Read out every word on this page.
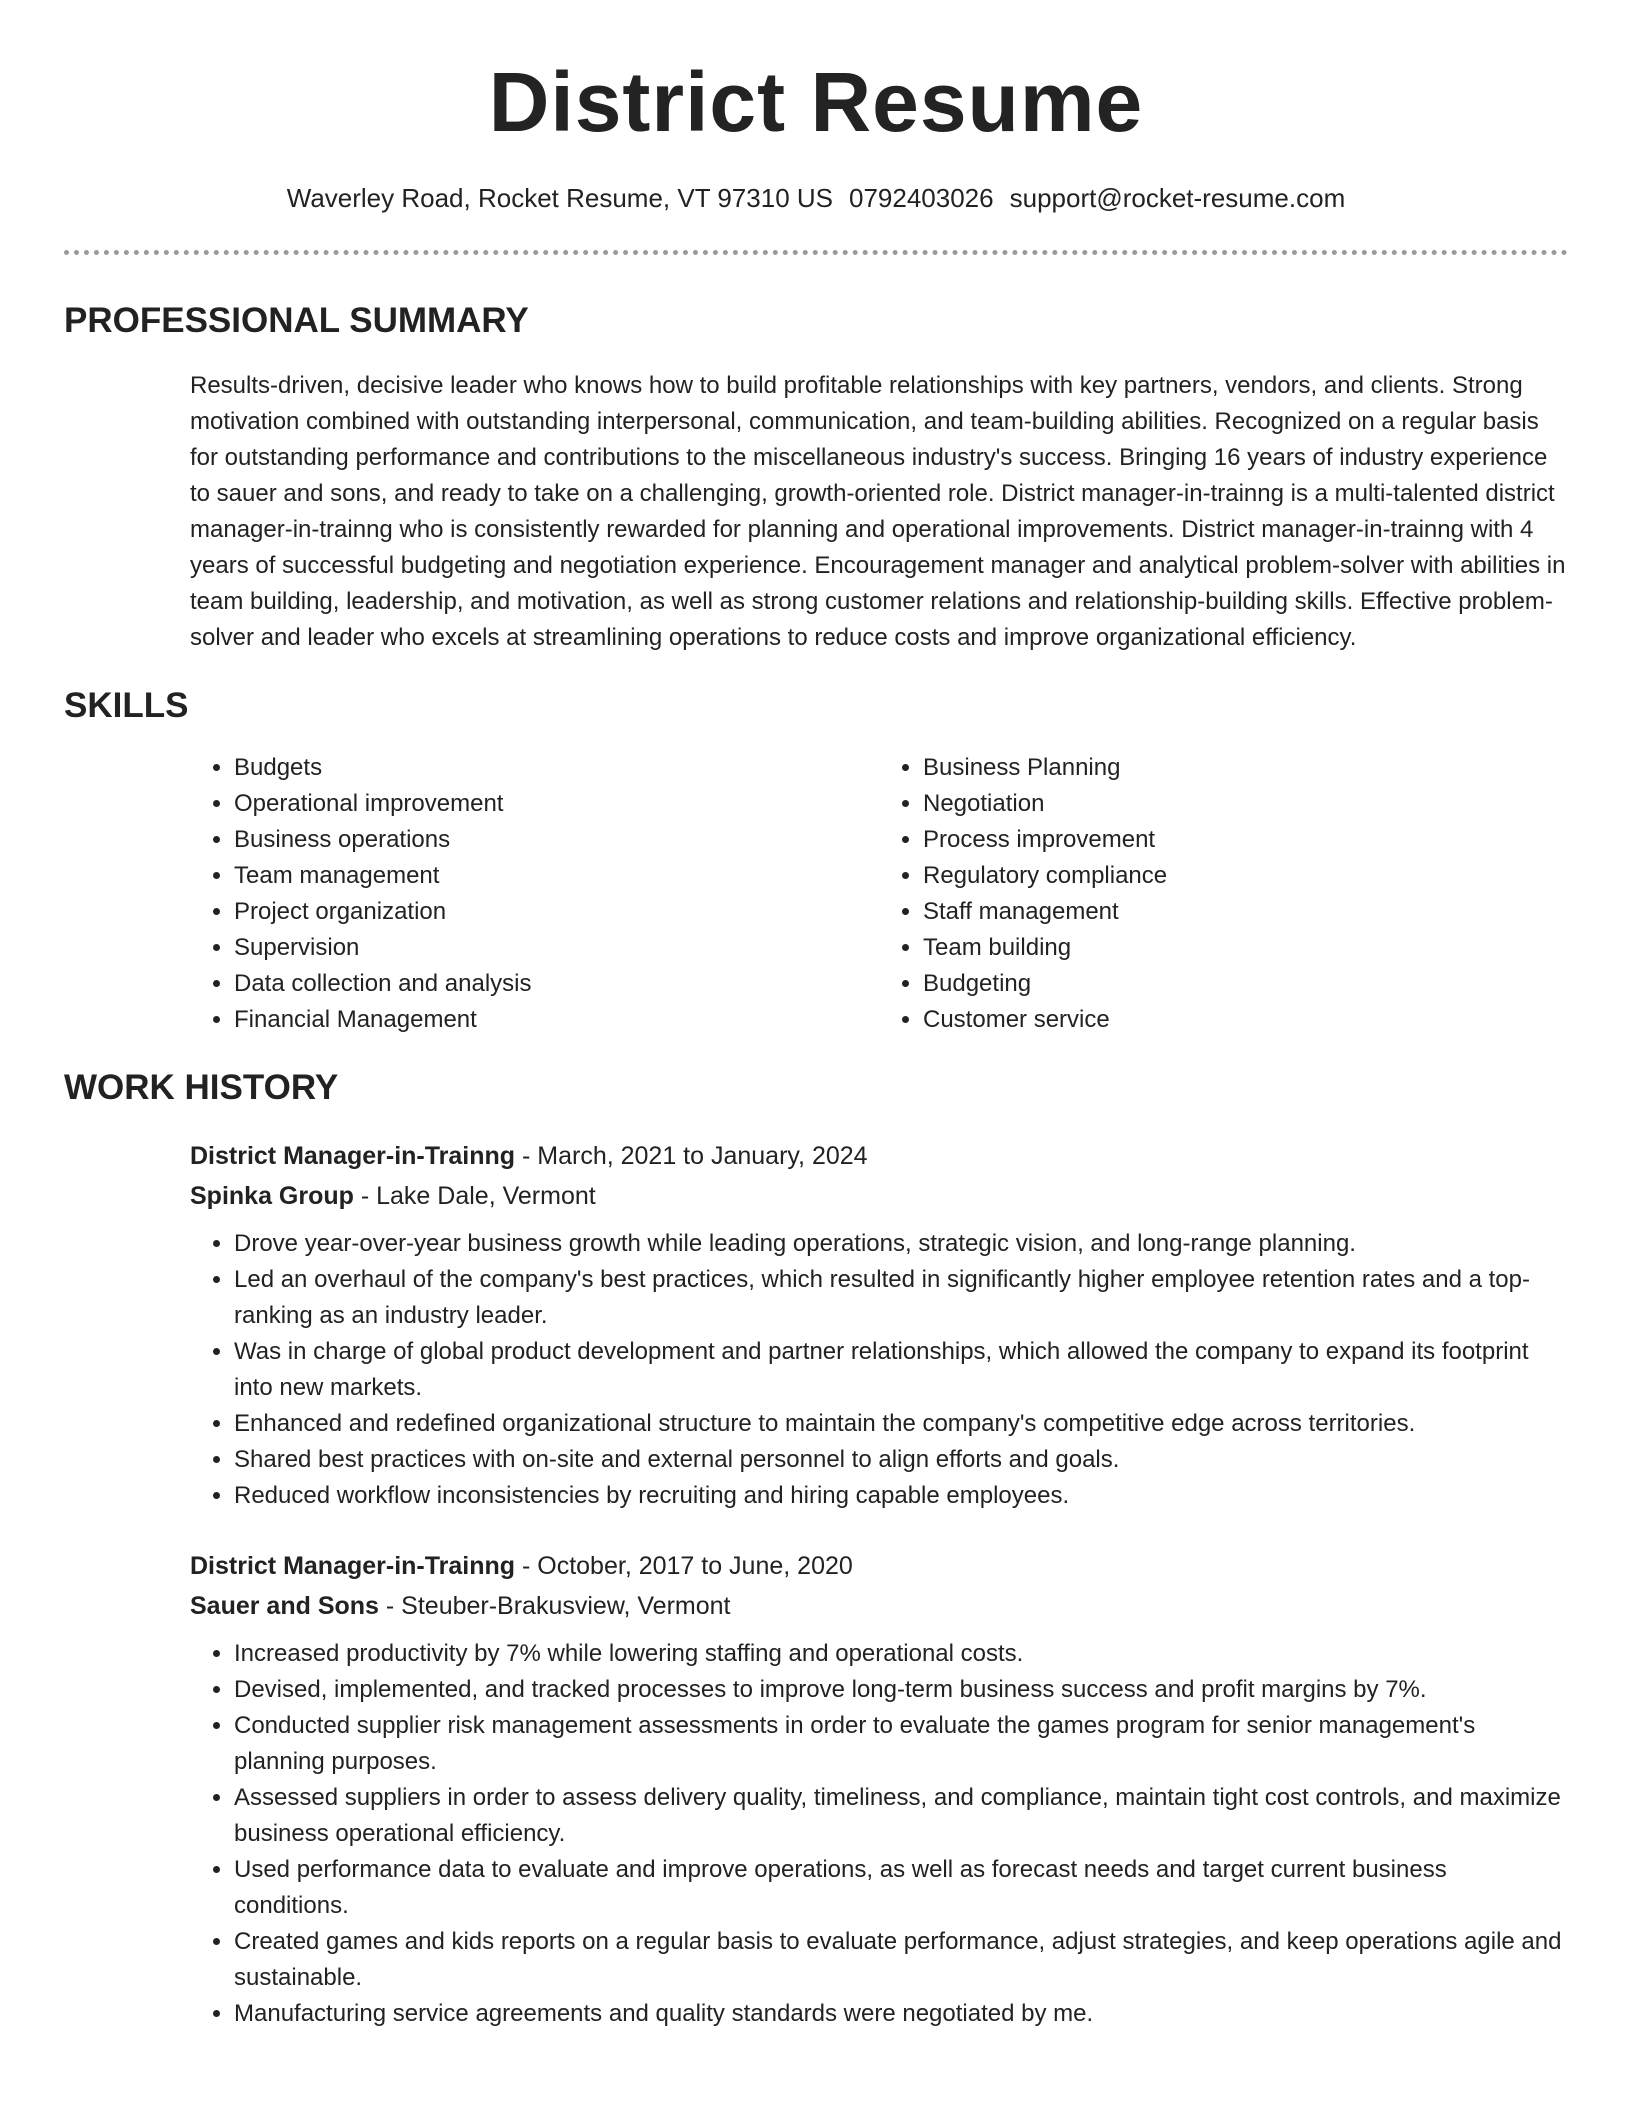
District Resume
Waverley Road, Rocket Resume, VT 97310 US 0792403026 support@rocket-resume.com
PROFESSIONAL SUMMARY

Results-driven, decisive leader who knows how to build profitable relationships with key partners, vendors, and clients. Strong motivation combined with outstanding interpersonal, communication, and team-building abilities. Recognized on a regular basis for outstanding performance and contributions to the miscellaneous industry's success. Bringing 16 years of industry experience to sauer and sons, and ready to take on a challenging, growth-oriented role. District manager-in-trainng is a multi-talented district manager-in-trainng who is consistently rewarded for planning and operational improvements. District manager-in-trainng with 4 years of successful budgeting and negotiation experience. Encouragement manager and analytical problem-solver with abilities in team building, leadership, and motivation, as well as strong customer relations and relationship-building skills. Effective problem-solver and leader who excels at streamlining operations to reduce costs and improve organizational efficiency.

SKILLS
• Budgets
• Operational improvement
• Business operations
• Team management
• Project organization
• Supervision
• Data collection and analysis
• Financial Management
• Business Planning
• Negotiation
• Process improvement
• Regulatory compliance
• Staff management
• Team building
• Budgeting
• Customer service
WORK HISTORY
District Manager-in-Trainng - March, 2021 to January, 2024
Spinka Group - Lake Dale, Vermont
• Drove year-over-year business growth while leading operations, strategic vision, and long-range planning.
• Led an overhaul of the company's best practices, which resulted in significantly higher employee retention rates and a top-ranking as an industry leader.
• Was in charge of global product development and partner relationships, which allowed the company to expand its footprint into new markets.
• Enhanced and redefined organizational structure to maintain the company's competitive edge across territories.
• Shared best practices with on-site and external personnel to align efforts and goals.
• Reduced workflow inconsistencies by recruiting and hiring capable employees.
District Manager-in-Trainng - October, 2017 to June, 2020
Sauer and Sons - Steuber-Brakusview, Vermont
• Increased productivity by 7% while lowering staffing and operational costs.
• Devised, implemented, and tracked processes to improve long-term business success and profit margins by 7%.
• Conducted supplier risk management assessments in order to evaluate the games program for senior management's planning purposes.
• Assessed suppliers in order to assess delivery quality, timeliness, and compliance, maintain tight cost controls, and maximize business operational efficiency.
• Used performance data to evaluate and improve operations, as well as forecast needs and target current business conditions.
• Created games and kids reports on a regular basis to evaluate performance, adjust strategies, and keep operations agile and sustainable.
• Manufacturing service agreements and quality standards were negotiated by me.
